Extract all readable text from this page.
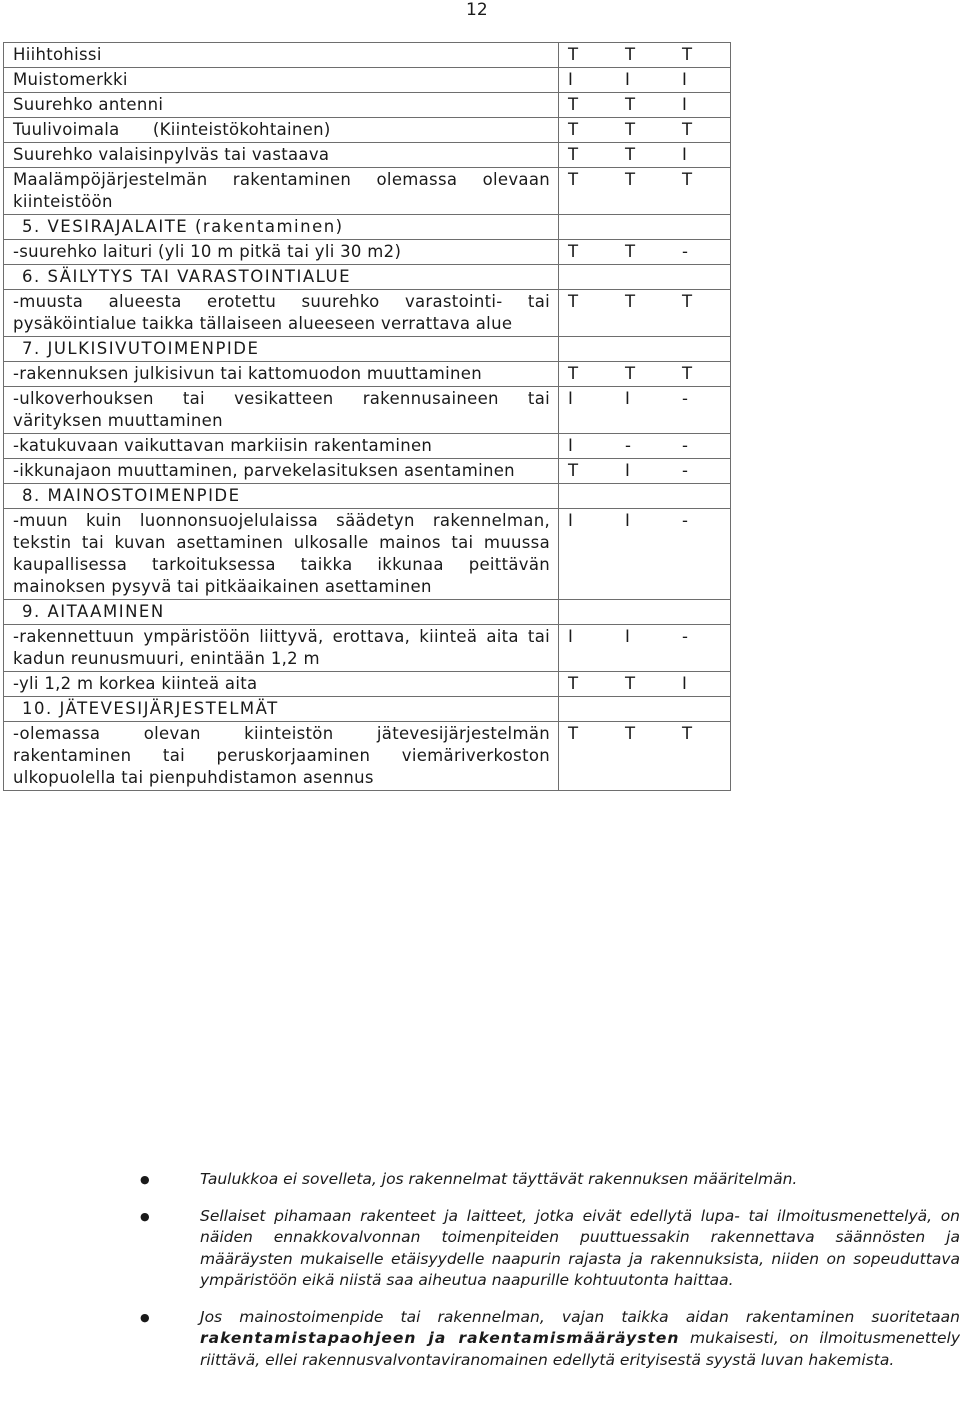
12
Hiihtohissi	T T T
Muistomerkki	I I I
Suurehko antenni	T T I
Tuulivoimala      (Kiinteistökohtainen)	T T T
Suurehko valaisinpylväs tai vastaava	T T I
Maalämpöjärjestelmän rakentaminen olemassa olevaan kiinteistöön	T T T
5. VESIRAJALAITE (rakentaminen)	
-suurehko laituri (yli 10 m pitkä tai yli 30 m2)	T T -
6. SÄILYTYS TAI VARASTOINTIALUE	
-muusta alueesta erotettu suurehko varastointi- tai pysäköintialue taikka tällaiseen alueeseen verrattava alue	T T T
7. JULKISIVUTOIMENPIDE	
-rakennuksen julkisivun tai kattomuodon muuttaminen	T T T
-ulkoverhouksen tai vesikatteen rakennusaineen tai värityksen muuttaminen	I I -
-katukuvaan vaikuttavan markiisin rakentaminen	I - -
-ikkunajaon muuttaminen, parvekelasituksen asentaminen	T I -
8. MAINOSTOIMENPIDE	
-muun kuin luonnonsuojelulaissa säädetyn rakennelman, tekstin tai kuvan asettaminen ulkosalle mainos tai muussa kaupallisessa tarkoituksessa taikka ikkunaa peittävän mainoksen pysyvä tai pitkäaikainen asettaminen	I I -
9. AITAAMINEN	
-rakennettuun ympäristöön liittyvä, erottava, kiinteä aita tai kadun reunusmuuri, enintään 1,2 m	I I -
-yli 1,2 m korkea kiinteä aita	T T I
10. JÄTEVESIJÄRJESTELMÄT	
-olemassa olevan kiinteistön jätevesijärjestelmän rakentaminen tai peruskorjaaminen viemäriverkoston ulkopuolella tai pienpuhdistamon asennus	T T T
● Taulukkoa ei sovelleta, jos rakennelmat täyttävät rakennuksen määritelmän.
● Sellaiset pihamaan rakenteet ja laitteet, jotka eivät edellytä lupa- tai ilmoitusmenettelyä, on näiden ennakkovalvonnan toimenpiteiden puuttuessakin rakennettava säännösten ja määräysten mukaiselle etäisyydelle naapurin rajasta ja rakennuksista, niiden on sopeuduttava ympäristöön eikä niistä saa aiheutua naapurille kohtuutonta haittaa.
● Jos mainostoimenpide tai rakennelman, vajan taikka aidan rakentaminen suoritetaan rakentamistapaohjeen ja rakentamismääräysten mukaisesti, on ilmoitusmenettely riittävä, ellei rakennusvalvontaviranomainen edellytä erityisestä syystä luvan hakemista.
